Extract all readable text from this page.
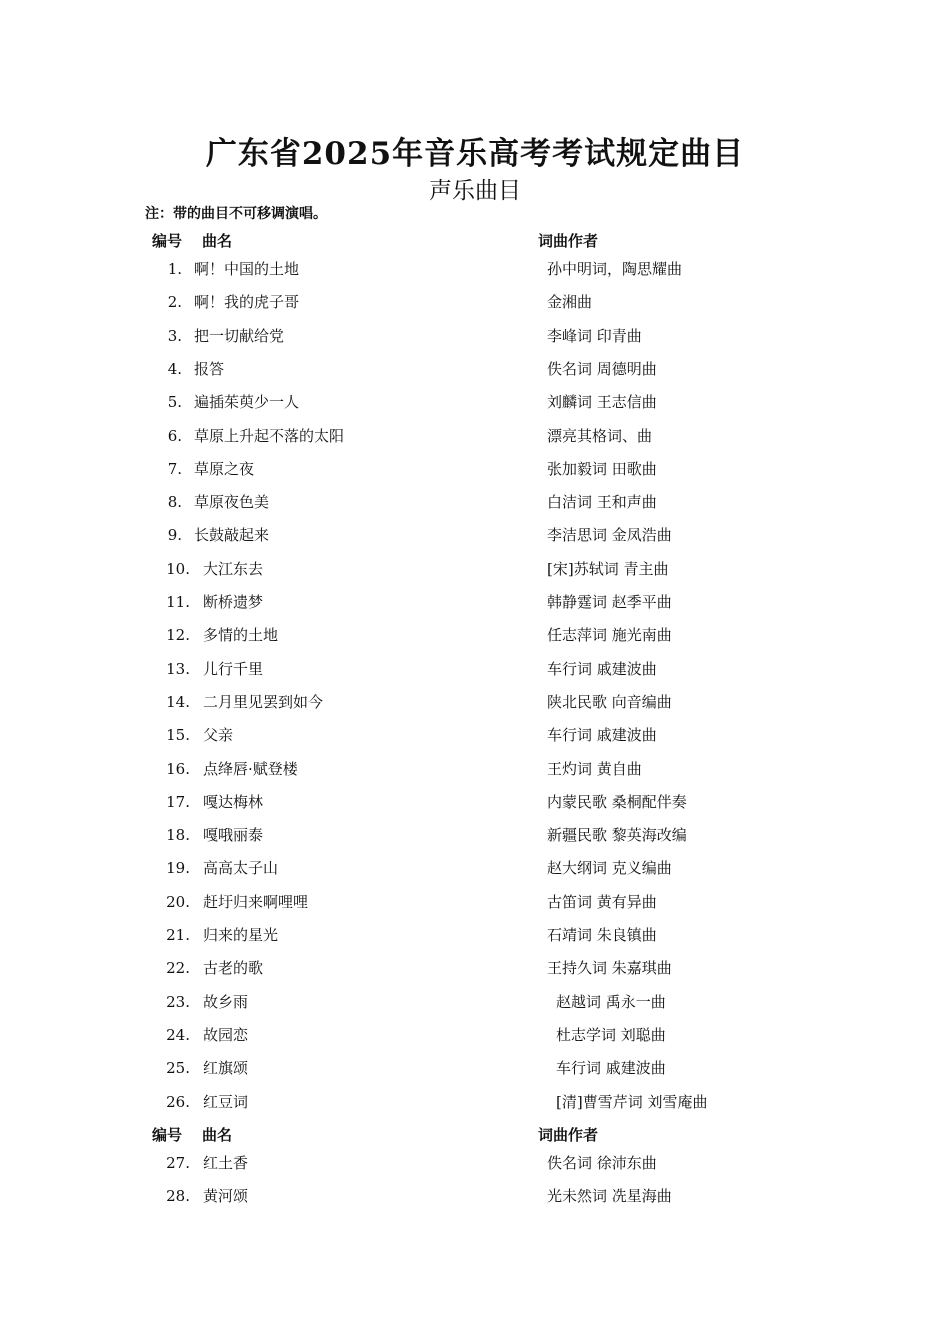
广东省2025年音乐高考考试规定曲目
声乐曲目
注：带的曲目不可移调演唱。
编号 曲名	词曲作者
编号 曲名	词曲作者
1. 啊！中国的土地	孙中明词，陶思耀曲
2. 啊！我的虎子哥	金湘曲
3. 把一切献给党	李峰词 印青曲
4. 报答	佚名词 周德明曲
5. 遍插茱萸少一人	刘麟词 王志信曲
6. 草原上升起不落的太阳	漂亮其格词、曲
7. 草原之夜	张加毅词 田歌曲
8. 草原夜色美	白洁词 王和声曲
9. 长鼓敲起来	李洁思词 金凤浩曲
10. 大江东去	[宋]苏轼词 青主曲
11. 断桥遗梦	韩静霆词 赵季平曲
12. 多情的土地	任志萍词 施光南曲
13. 儿行千里	车行词 戚建波曲
14. 二月里见罢到如今	陕北民歌 向音编曲
15. 父亲	车行词 戚建波曲
16. 点绛唇·赋登楼	王灼词 黄自曲
17. 嘎达梅林	内蒙民歌 桑桐配伴奏
18. 嘎哦丽泰	新疆民歌 黎英海改编
19. 高高太子山	赵大纲词 克义编曲
20. 赶圩归来啊哩哩	古笛词 黄有异曲
21. 归来的星光	石靖词 朱良镇曲
22. 古老的歌	王持久词 朱嘉琪曲
23. 故乡雨	赵越词 禹永一曲
24. 故园恋	杜志学词 刘聪曲
25. 红旗颂	车行词 戚建波曲
26. 红豆词	[清]曹雪芹词 刘雪庵曲
27. 红土香	佚名词 徐沛东曲
28. 黄河颂	光未然词 冼星海曲
